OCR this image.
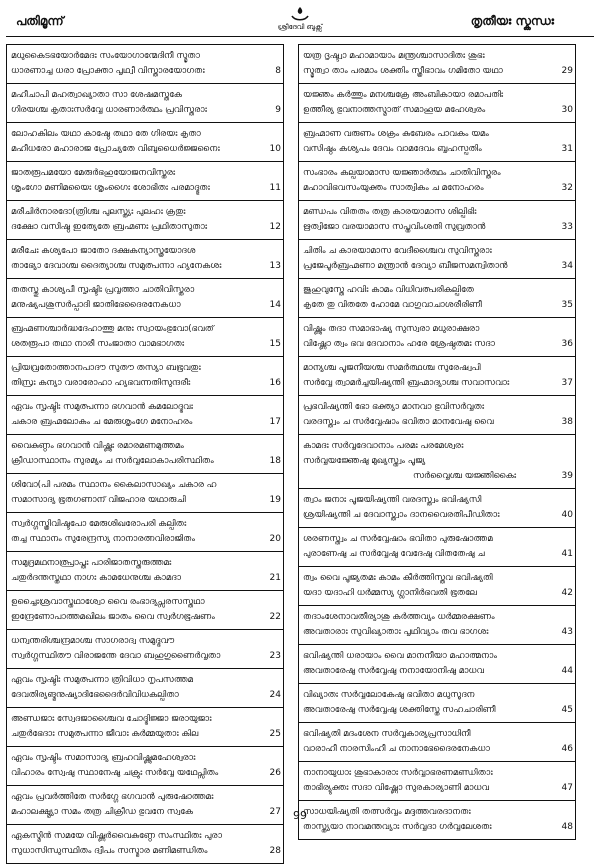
പതിമൂന്ന്	ശ്രീദേവി ബുക്സ്	തൃതീയഃ സ്കന്ധഃ
മധുകൈടഭയോർമേദഃ സംയോഗാന്മേദിനീ സ്മൃതാ
ധാരണാച്ച ധരാ പ്രോക്താ പൃഥ്വീ വിസ്താരയോഗതഃ	8
മഹീചാപി മഹത്വാഖ്യാതാ സാ ശേഷമസ്തകേ
ഗിരയശ്ച കൃതാഃസർവ്വേ ധാരണാർത്ഥം പ്രവിസ്തരാഃ	9
ലോഹകിലം യഥാ കാഷ്ഠേ തഥാ തേ ഗിരയഃ കൃതാ
മഹീധരോ മഹാരാജ പ്രോച്യതേ വിബുധൈർജ്ജനൈഃ	10
ജാതരൂപമയോ മേരുർഭഹുയോജനവിസ്തരഃ
ശൃംഗോ മണിമയൈഃ ശൃംഗൈഃ ശോഭിതഃ പരമാദ്ഭുതഃ	11
മരീചിർനാരദോ(ത്രിശ്ച പുലസ്ത്യഃ പുലഹഃ ക്രതുഃ
ദക്ഷോ വസിഷ്ഠ ഇത്യേതേ ബ്രഹ്മണഃ പ്രഥിതാസുതാഃ	12
മരീചേഃ കശ്യപോ ജാതോ ദക്ഷകന്യാസ്ത്രയോദശ
താഭ്യോ ദേവാശ്ച ദൈത്യാശ്ച സമുത്പന്നാ ഹ്യനേകശഃ	13
തതസ്തു കാശ്യപീ സൃഷ്ടിഃ പ്രവൃത്താ ചാതിവിസ്തരാ
മനുഷ്യപശുസർപ്പാദി ജാതിഭേദൈരനേകധാ	14
ബ്രഹ്മണശ്ചാർദ്ധദേഹാത്തു മനുഃ സ്വായംഭുവോ(ഭവത്
ശതരൂപാ തഥാ നാരീ സംജാതാ വാമഭാഗതഃ	15
പ്രിയവ്രതോത്താനപാദൗ സുതൗ തസ്യാ ബഭൂവതുഃ
തിസ്രഃ കന്യാ വരാരോഹാ ഹ്യഭവന്നതിസുന്ദരീഃ	16
ഏവം സൃഷ്ടിഃ സമുത്പന്നാ ഭഗവാൻ കമലോദ്ഭവഃ
ചകാര ബ്രഹ്മലോകം ച മേരുശൃംഗേ മനോഹരം	17
വൈകുണ്ഠം ഭഗവാൻ വിഷ്ണുഃ രമാരമണമുത്തമം
ക്രീഡാസ്ഥാനം സുരമ്യം ച സർവ്വലോകാപരിസ്ഥിതം	18
ശിവോ(പി പരമം സ്ഥാനം കൈലാസാഖ്യം ചകാര ഹ
സമാസാദ്യ ഭൂതഗണാന് വിജഹാര യഥാരുചി	19
സ്വർഗ്ഗസ്ത്രിവിഷ്ടപോ മേരുശിഖരോപരി കല്പിതഃ
തച്ച സ്ഥാനം സുരേന്ദ്രസ്യ നാനാരത്നവിരാജിതം	20
സമുദ്രമഥനാത്പ്രാപ്തഃ പാരിജാതസ്തരുത്തമഃ
ചതുർദന്തസ്തഥാ നാഗഃ കാമധേനുശ്ച കാമദാ	21
ഉച്ചൈഃശ്രവാസ്തഥാശ്വോ വൈ രംഭാദ്യപ്സരസസ്തഥാ
ഇന്ദ്രേണോപാത്തമഖിലം ജാതം വൈ സ്വർഗഭൂഷണം	22
ധന്വന്തരിശ്ചന്ദ്രമാശ്ച സാഗരാദ്വ സമുദ്ഭവൗ
സ്വർഗ്ഗസ്ഥിതൗ വിരാജന്തേ ദേവാ ബഹുഗുണൈർവൃതാ	23
ഏവം സൃഷ്ടിഃ സമുത്പന്നാ ത്രിവിധാ നൃപസത്തമ
ദേവതിര്യങ്മനുഷ്യാദിഭേദൈർവിവിധകല്പിതാ	24
അണ്ഡജാഃ സ്വേദജാശ്ചൈവ ചോദ്ഭിജ്ജാ ജരായുജാഃ
ചതുർഭേദാഃ സമുത്പന്നാ ജീവാഃ കർമ്മയുതാഃ കില	25
ഏവം സൃഷ്ടിം സമാസാദ്യ ബ്രഹവിഷ്ണുമഹേശ്വരാഃ
വിഹാരം സ്വേഷു സ്ഥാനേഷു ചക്രുഃ സർവ്വേ യഥേപ്സിതം	26
ഏവം പ്രവർത്തിതേ സർഗ്ഗേ ഭഗവാൻ പുരുഷോത്തമഃ
മഹാലക്ഷ്മ്യാ സമം തത്ര ചിക്രീഡ ഭുവനേ സ്വകേ	27
ഏകസ്മിൻ സമയേ വിഷ്ണർവൈകുണ്ഠേ സംസ്ഥിതഃ പുരാ
സുധാസിന്ധുസ്ഥിതം ദ്വീപം സസ്മാര മണിമണ്ഡിതം	28
യത്ര ദൃഷ്ട്വാ മഹാമായാം മന്ത്രശ്ചാസാദിതഃ ശുഭഃ
സ്മൃത്വാ താം പരമാം ശക്തിം സ്ത്രീഭാവം ഗമിതോ യഥാ	29
യജ്ഞം കർത്തും മനശ്ചക്രേ അംബികായാ രമാപതിഃ
ഉത്തീര്യ ഭുവനാത്തസ്മാത് സമാഹൂയ മഹേശ്വരം	30
ബ്രഹ്മാണ വരുണം ശക്രം കുബേരം പാവകം യമം
വസിഷ്ഠം കശ്യപം ദേവം വാമദേവം ബൃഹസ്പതിം	31
സംഭാരം കല്പയാമാസ യജ്ഞാർത്ഥം ചാതിവിസ്തരം
മഹാവിഭവസംയുക്തം സാത്വികം ച മനോഹരം	32
മണ്ഡപം വിതതം തത്ര കാരയാമാസ ശില്പിഭിഃ
ഋത്വിജോ വരയാമാസ സപ്തവിംശതി സുവ്രതാൻ	33
ചിതിം ച കാരയാമാസ വേദീശ്ചൈവ സുവിസ്തരാഃ
പ്രജേപൂർബ്രഹ്മണാ മന്ത്രാൻ ദേവ്യാ ബീജസമന്വിതാൻ	34
ജുഹുവുസ്തേ ഹവിഃ കാമം വിധിവത്പരികല്പിതേ
കൃതേ തു വിതതേ ഹോമേ വാഗുവാചാശരീരിണീ	35
വിഷ്ണും തദാ സമാഭാഷ്യ സുസ്വരാ മധുരാക്ഷരാ
വിഷ്ണോ ത്വം ഭവ ദേവാനാം ഹരേ ശ്രേഷ്ഠതമഃ സദാ	36
മാന്യശ്ച പൂജനീയശ്ച സമർത്ഥശ്ച സുരേഷ്വപി
സർവ്വേ ത്വാമർച്ചയിഷ്യന്തി ബ്രഹ്മാദ്യാശ്ച സവാസവാഃ	37
പ്രഭവിഷ്യന്തി ഭോ ഭക്ത്യാ മാനവാ ഭുവിസർവ്വതഃ
വരദസ്ത്വം ച സർവ്വേഷാം ഭവിതാ മാനവേഷു വൈ	38
കാമദഃ സർവ്വദേവാനാം പരമഃ പരമേശ്വരഃ
സർവ്വയജ്ഞേഷു മുഖ്യസ്ത്വം പൂജ്യ
സർവ്വൈശ്ച യജ്ഞികൈഃ	39
ത്വാം ജനാഃ പൂജയിഷ്യന്തി വരദസ്ത്വം ഭവിഷ്യസി
ശ്രയിഷ്യന്തി ച ദേവാസ്ത്വാം ദാനവൈരതിപീഡിതാഃ	40
ശരണസ്ത്വം ച സർവ്വേഷാം ഭവിതാ പുരുഷോത്തമ
പുരാണേഷു ച സർവ്വേഷു വേദേഷു വിതതേഷു ച	41
ത്വം വൈ പൂജ്യതമഃ കാമം കീർത്തിസ്തവ ഭവിഷ്യതി
യദാ യദാഹി ധർമ്മസ്യ ഗ്ലാനിർഭവതി ഭൂതലേ	42
തദാംശേനാവതീര്യാശു കർത്തവ്യം ധർമ്മരക്ഷണം
അവതാരാഃ സുവിഖ്യാതാഃ പൃഥിവ്യാം തവ ഭാഗശഃ	43
ഭവിഷ്യന്തി ധരായാം വൈ മാനനീയാ മഹാത്മനാം
അവതാരേഷു സർവ്വേഷു നനായോനിഷു മാധവ	44
വിഖ്യാതഃ സർവ്വലോകേഷു ഭവിതാ മധുസൂദന
അവതാരേഷു സർവ്വേഷു ശക്തിസ്തേ സഹചാരിണീ	45
ഭവിഷ്യതി മദംശേന സർവ്വകാര്യപ്രസാധിനീ
വാരാഹീ നാരസിംഹീ ച നാനാഭേദൈരനേകധാ	46
നാനായുധാഃ ശുഭാകാരാഃ സർവ്വാഭരണമണ്ഡിതാഃ
താഭിര്യുക്തഃ സദാ വിഷ്ണോ സുരകാര്യാണി മാധവ	47
സാധയിഷ്യതി തത്സർവ്വം മദ്ദത്തവരദാനതഃ
താസ്ത്യയാ നാവമന്തവ്യാഃ സർവ്വദാ ഗർവ്വലേശതഃ	48
99
